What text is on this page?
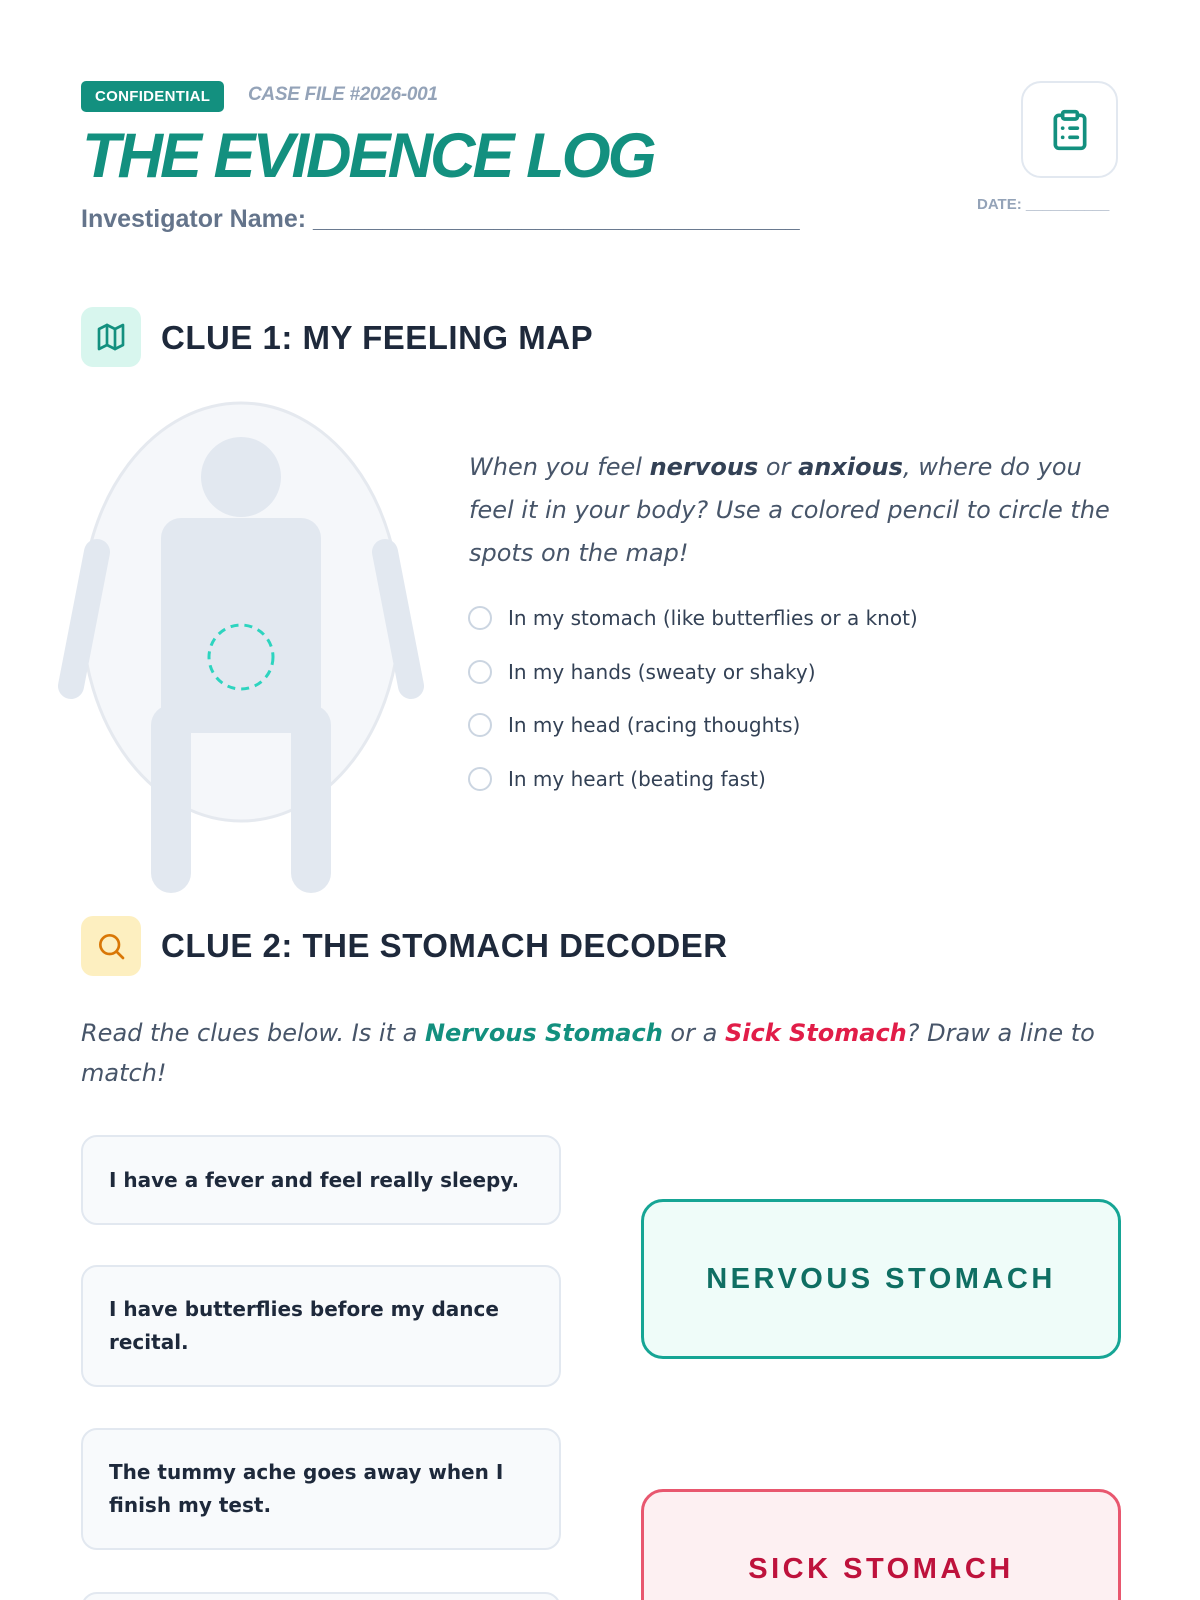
CONFIDENTIAL	CASE FILE #2026-001
THE EVIDENCE LOG
Investigator Name: ___________________________________
DATE: __________
CLUE 1: MY FEELING MAP
When you feel nervous or anxious, where do you feel it in your body? Use a colored pencil to circle the spots on the map!
In my stomach (like butterflies or a knot)
In my hands (sweaty or shaky)
In my head (racing thoughts)
In my heart (beating fast)
CLUE 2: THE STOMACH DECODER

Read the clues below. Is it a Nervous Stomach or a Sick Stomach? Draw a line to match!

I have a fever and feel really sleepy.
I have butterflies before my dance recital.
The tummy ache goes away when I finish my test.
NERVOUS STOMACH
SICK STOMACH
